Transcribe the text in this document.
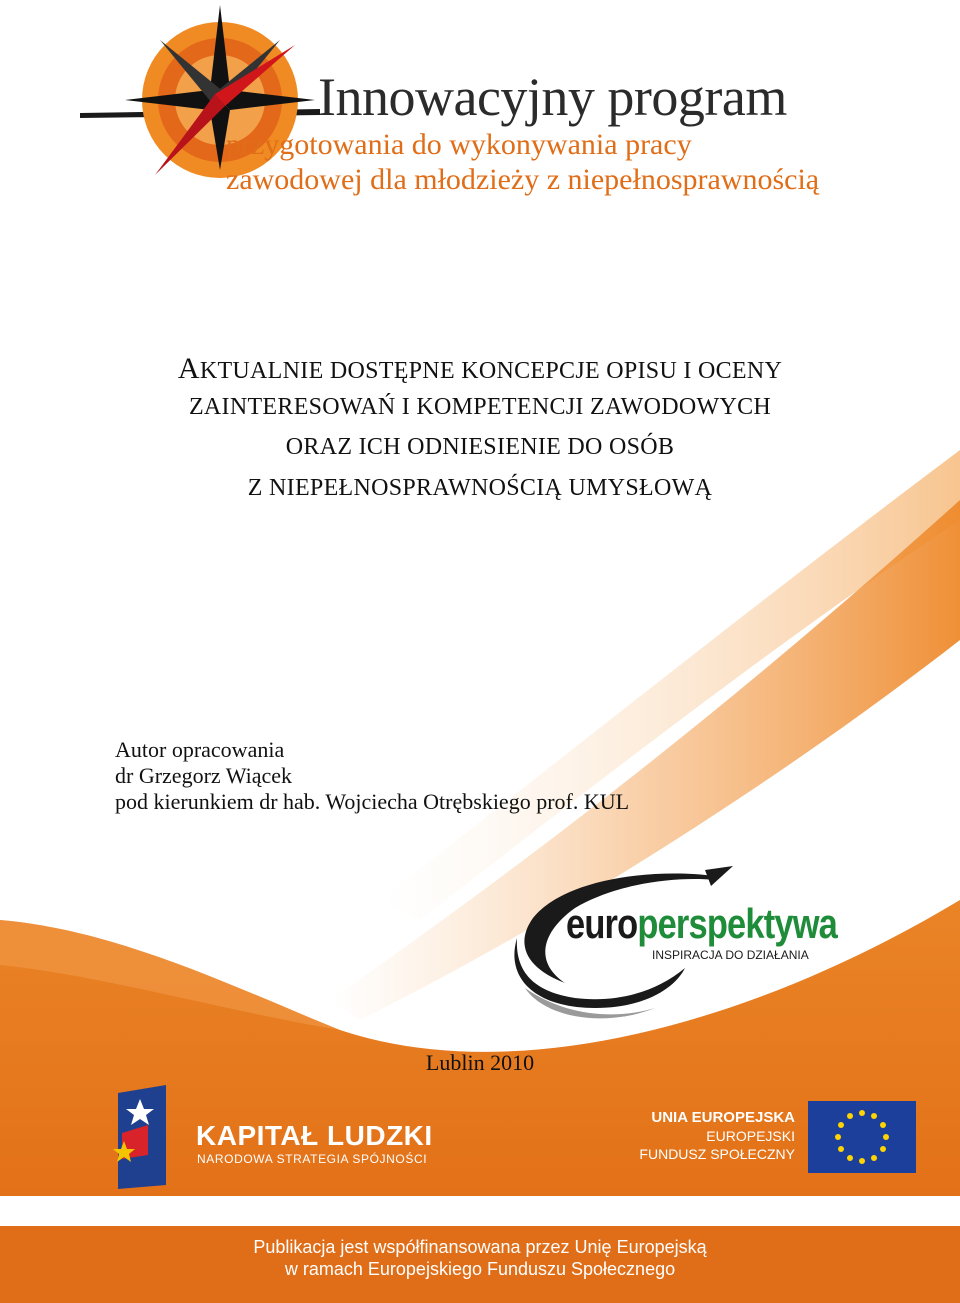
Innowacyjny program
przygotowania do wykonywania pracy
zawodowej dla młodzieży z niepełnosprawnością
AKTUALNIE DOSTĘPNE KONCEPCJE OPISU I OCENY
ZAINTERESOWAŃ I KOMPETENCJI ZAWODOWYCH
ORAZ ICH ODNIESIENIE DO OSÓB
Z NIEPEŁNOSPRAWNOŚCIĄ UMYSŁOWĄ
Autor opracowania
dr Grzegorz Wiącek
pod kierunkiem dr hab. Wojciecha Otrębskiego prof. KUL
europerspektywa
INSPIRACJA DO DZIAŁANIA
Lublin 2010
KAPITAŁ LUDZKI
NARODOWA STRATEGIA SPÓJNOŚCI
UNIA EUROPEJSKA
EUROPEJSKI
FUNDUSZ SPOŁECZNY
Publikacja jest współfinansowana przez Unię Europejską
w ramach Europejskiego Funduszu Społecznego
